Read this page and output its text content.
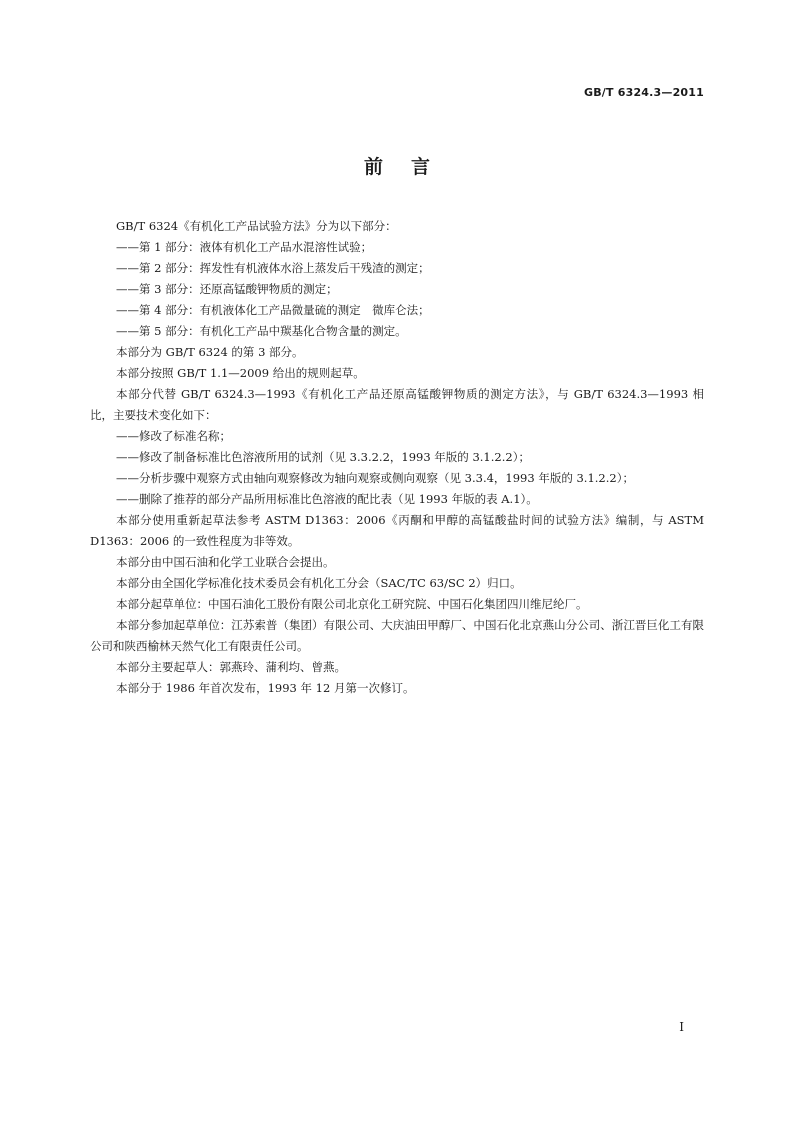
GB/T 6324.3—2011
前言

GB/T 6324《有机化工产品试验方法》分为以下部分：

——第 1 部分：液体有机化工产品水混溶性试验；

——第 2 部分：挥发性有机液体水浴上蒸发后干残渣的测定；

——第 3 部分：还原高锰酸钾物质的测定；

——第 4 部分：有机液体化工产品微量硫的测定　微库仑法；

——第 5 部分：有机化工产品中羰基化合物含量的测定。

本部分为 GB/T 6324 的第 3 部分。

本部分按照 GB/T 1.1—2009 给出的规则起草。

本部分代替 GB/T 6324.3—1993《有机化工产品还原高锰酸钾物质的测定方法》，与 GB/T 6324.3—1993 相比，主要技术变化如下：

——修改了标准名称；

——修改了制备标准比色溶液所用的试剂（见 3.3.2.2，1993 年版的 3.1.2.2）；

——分析步骤中观察方式由轴向观察修改为轴向观察或侧向观察（见 3.3.4，1993 年版的 3.1.2.2）；

——删除了推荐的部分产品所用标准比色溶液的配比表（见 1993 年版的表 A.1）。

本部分使用重新起草法参考 ASTM D1363：2006《丙酮和甲醇的高锰酸盐时间的试验方法》编制，与 ASTM D1363：2006 的一致性程度为非等效。

本部分由中国石油和化学工业联合会提出。

本部分由全国化学标准化技术委员会有机化工分会（SAC/TC 63/SC 2）归口。

本部分起草单位：中国石油化工股份有限公司北京化工研究院、中国石化集团四川维尼纶厂。

本部分参加起草单位：江苏索普（集团）有限公司、大庆油田甲醇厂、中国石化北京燕山分公司、浙江晋巨化工有限公司和陕西榆林天然气化工有限责任公司。

本部分主要起草人：郭燕玲、蒲利均、曾燕。

本部分于 1986 年首次发布，1993 年 12 月第一次修订。

I
